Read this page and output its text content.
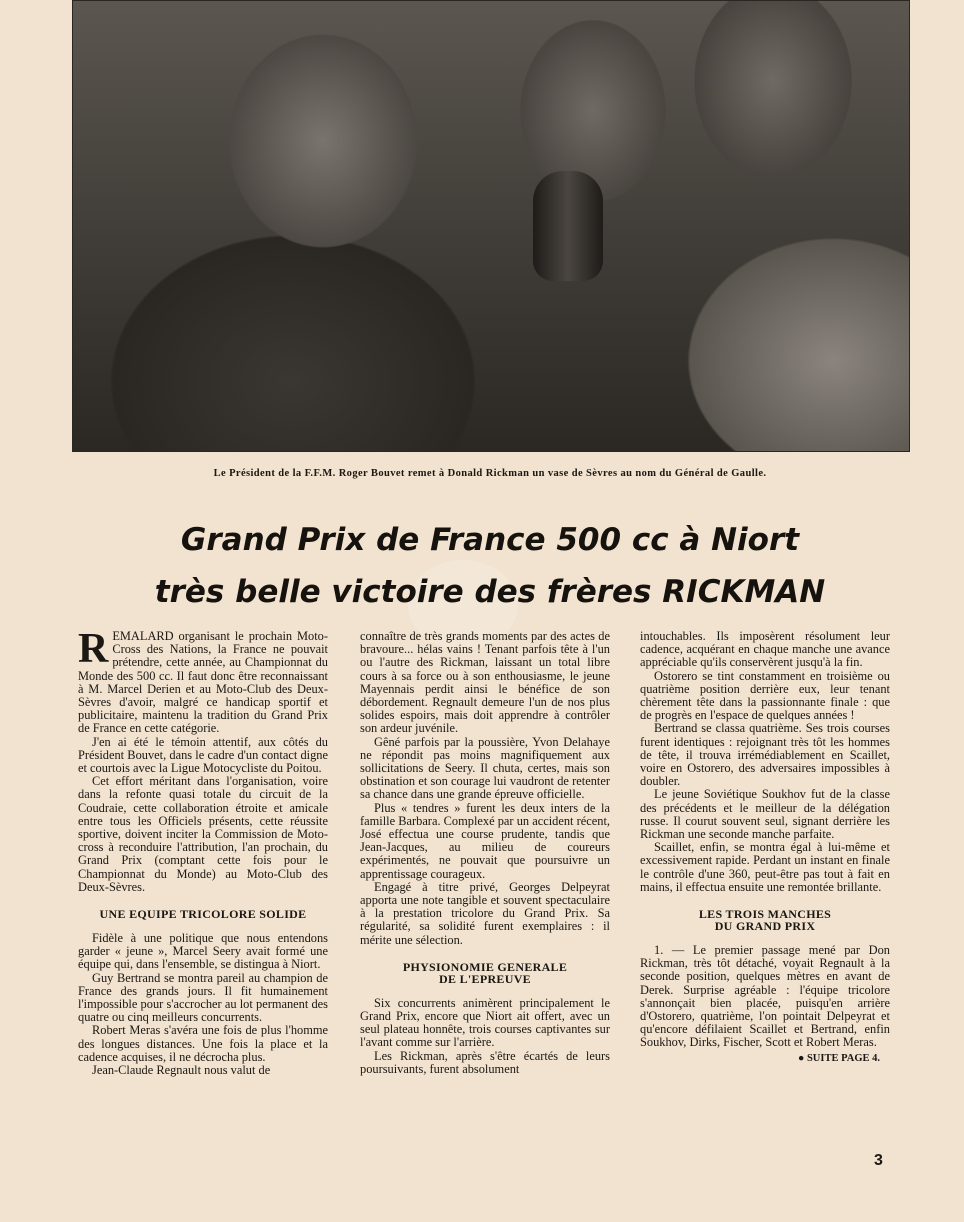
Le Président de la F.F.M. Roger Bouvet remet à Donald Rickman un vase de Sèvres au nom du Général de Gaulle.
Grand Prix de France 500 cc à Niort
très belle victoire des frères RICKMAN

REMALARD organisant le prochain Moto-Cross des Nations, la France ne pouvait prétendre, cette année, au Championnat du Monde des 500 cc. Il faut donc être reconnaissant à M. Marcel Derien et au Moto-Club des Deux-Sèvres d'avoir, malgré ce handicap sportif et publicitaire, maintenu la tradition du Grand Prix de France en cette catégorie.

J'en ai été le témoin attentif, aux côtés du Président Bouvet, dans le cadre d'un contact digne et courtois avec la Ligue Motocycliste du Poitou.

Cet effort méritant dans l'organisation, voire dans la refonte quasi totale du circuit de la Coudraie, cette collaboration étroite et amicale entre tous les Officiels présents, cette réussite sportive, doivent inciter la Commission de Moto-cross à reconduire l'attribution, l'an prochain, du Grand Prix (comptant cette fois pour le Championnat du Monde) au Moto-Club des Deux-Sèvres.

UNE EQUIPE TRICOLORE SOLIDE

Fidèle à une politique que nous entendons garder « jeune », Marcel Seery avait formé une équipe qui, dans l'ensemble, se distingua à Niort.

Guy Bertrand se montra pareil au champion de France des grands jours. Il fit humainement l'impossible pour s'accrocher au lot permanent des quatre ou cinq meilleurs concurrents.

Robert Meras s'avéra une fois de plus l'homme des longues distances. Une fois la place et la cadence acquises, il ne décrocha plus.

Jean-Claude Regnault nous valut de

connaître de très grands moments par des actes de bravoure... hélas vains ! Tenant parfois tête à l'un ou l'autre des Rickman, laissant un total libre cours à sa force ou à son enthousiasme, le jeune Mayennais perdit ainsi le bénéfice de son débordement. Regnault demeure l'un de nos plus solides espoirs, mais doit apprendre à contrôler son ardeur juvénile.

Gêné parfois par la poussière, Yvon Delahaye ne répondit pas moins magnifiquement aux sollicitations de Seery. Il chuta, certes, mais son obstination et son courage lui vaudront de retenter sa chance dans une grande épreuve officielle.

Plus « tendres » furent les deux inters de la famille Barbara. Complexé par un accident récent, José effectua une course prudente, tandis que Jean-Jacques, au milieu de coureurs expérimentés, ne pouvait que poursuivre un apprentissage courageux.

Engagé à titre privé, Georges Delpeyrat apporta une note tangible et souvent spectaculaire à la prestation tricolore du Grand Prix. Sa régularité, sa solidité furent exemplaires : il mérite une sélection.

PHYSIONOMIE GENERALE
DE L'EPREUVE

Six concurrents animèrent principalement le Grand Prix, encore que Niort ait offert, avec un seul plateau honnête, trois courses captivantes sur l'avant comme sur l'arrière.

Les Rickman, après s'être écartés de leurs poursuivants, furent absolument

intouchables. Ils imposèrent résolument leur cadence, acquérant en chaque manche une avance appréciable qu'ils conservèrent jusqu'à la fin.

Ostorero se tint constamment en troisième ou quatrième position derrière eux, leur tenant chèrement tête dans la passionnante finale : que de progrès en l'espace de quelques années !

Bertrand se classa quatrième. Ses trois courses furent identiques : rejoignant très tôt les hommes de tête, il trouva irrémédiablement en Scaillet, voire en Ostorero, des adversaires impossibles à doubler.

Le jeune Soviétique Soukhov fut de la classe des précédents et le meilleur de la délégation russe. Il courut souvent seul, signant derrière les Rickman une seconde manche parfaite.

Scaillet, enfin, se montra égal à lui-même et excessivement rapide. Perdant un instant en finale le contrôle d'une 360, peut-être pas tout à fait en mains, il effectua ensuite une remontée brillante.

LES TROIS MANCHES
DU GRAND PRIX

1. — Le premier passage mené par Don Rickman, très tôt détaché, voyait Regnault à la seconde position, quelques mètres en avant de Derek. Surprise agréable : l'équipe tricolore s'annonçait bien placée, puisqu'en arrière d'Ostorero, quatrième, l'on pointait Delpeyrat et qu'encore défilaient Scaillet et Bertrand, enfin Soukhov, Dirks, Fischer, Scott et Robert Meras.

● SUITE PAGE 4.
3
